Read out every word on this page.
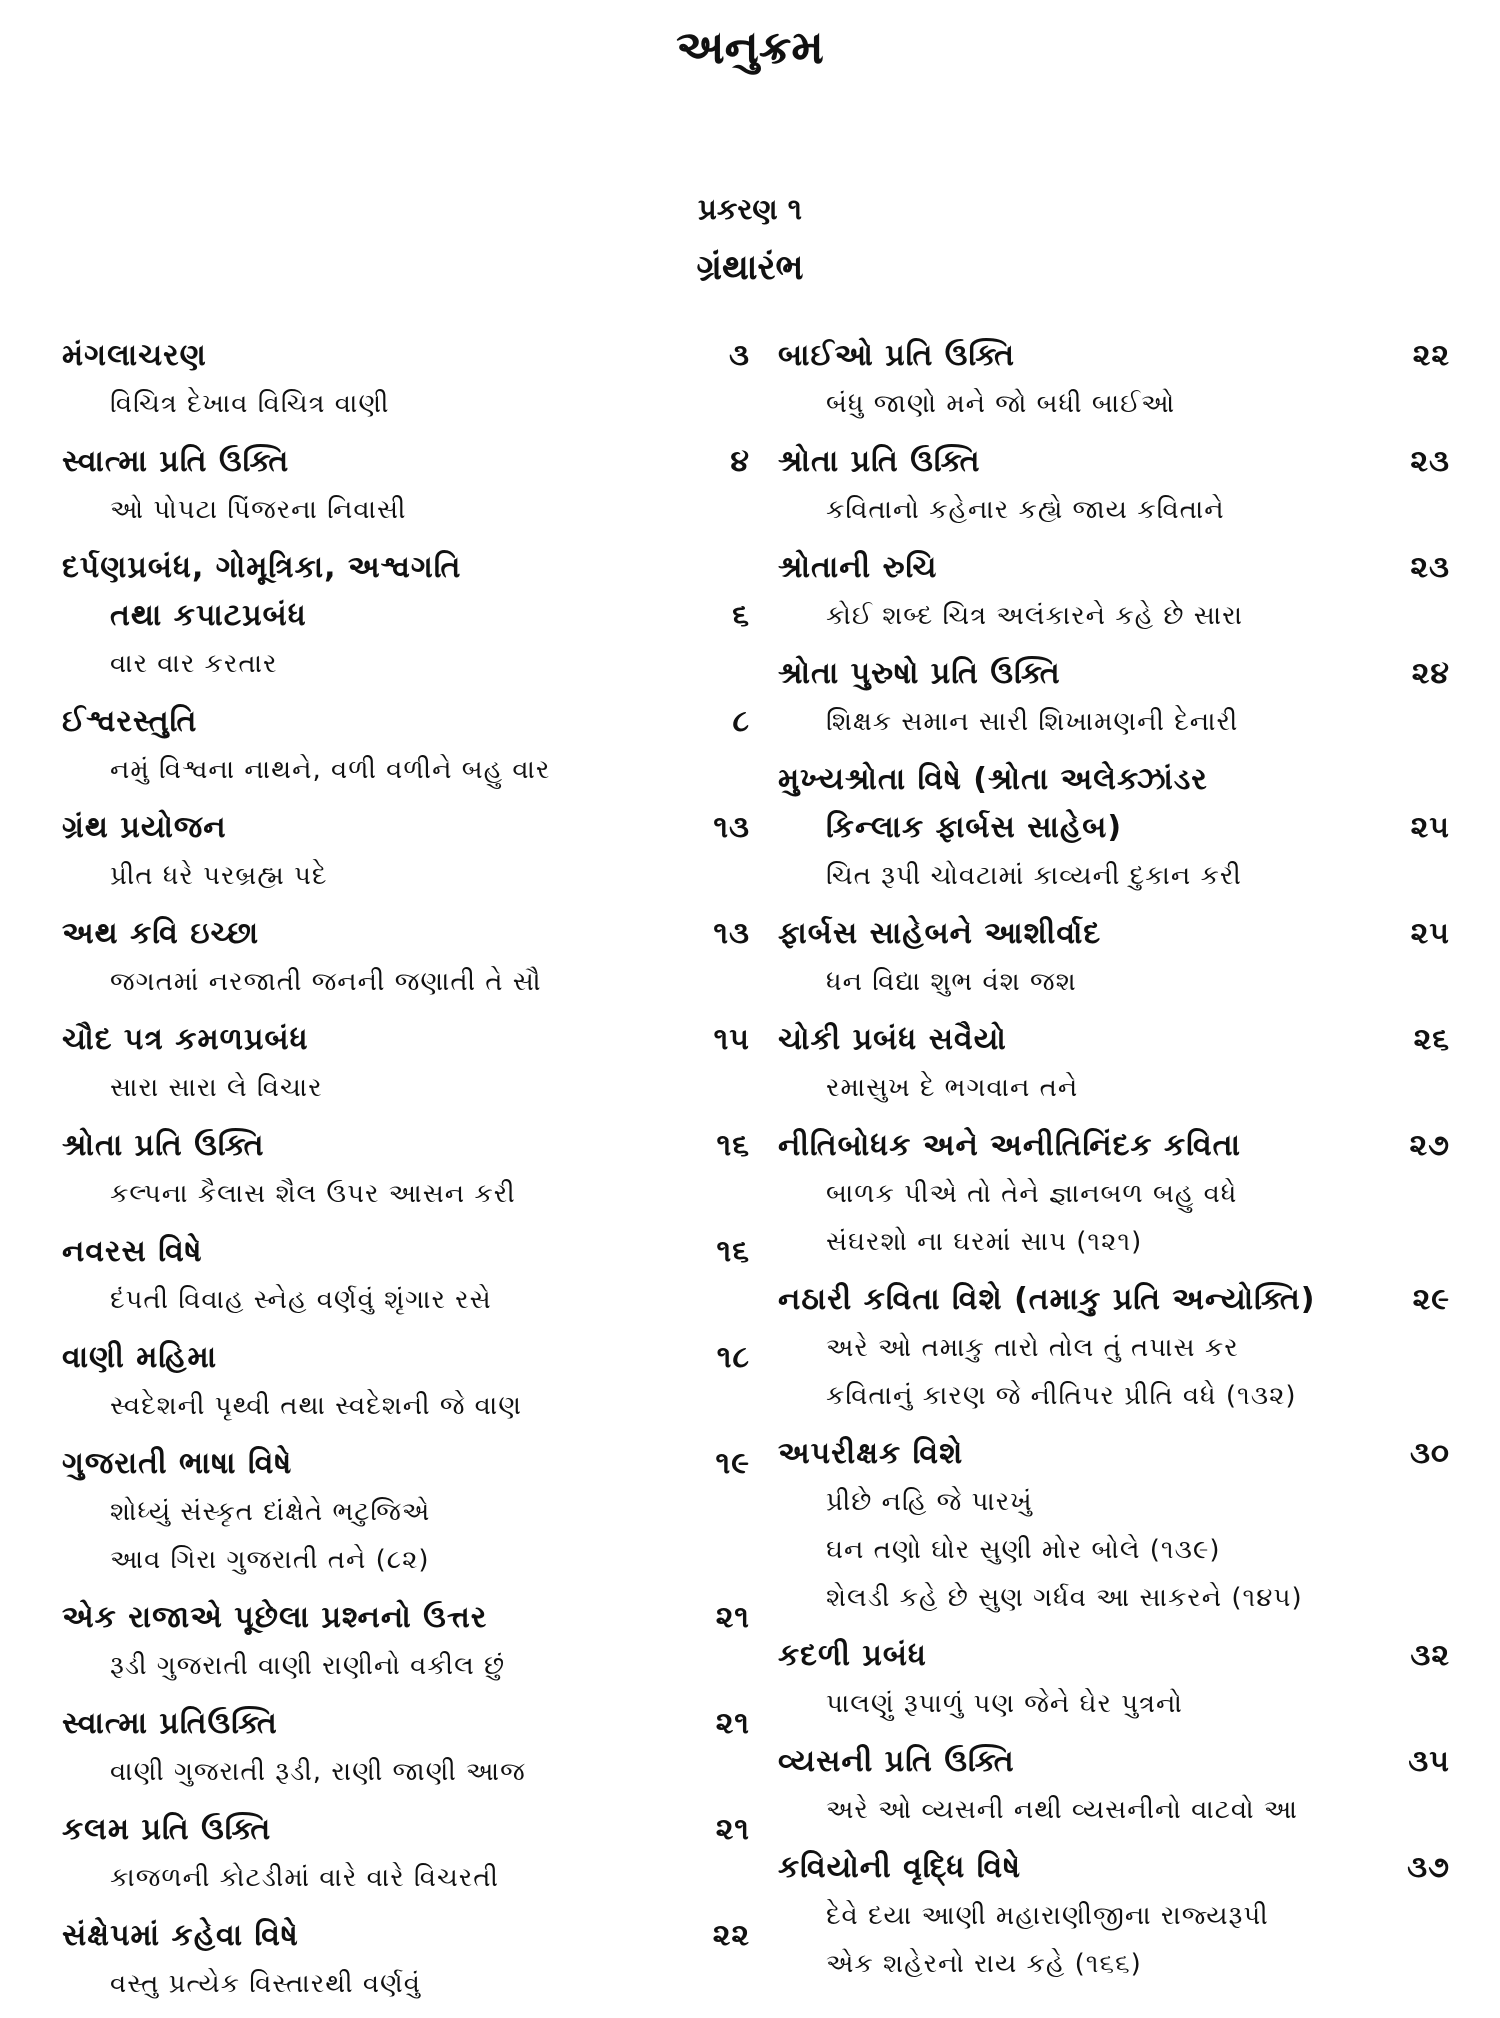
અનુક્રમ
પ્રકરણ ૧
ગ્રંથારંભ
મંગલાચરણ	૩
વિચિત્ર દેખાવ વિચિત્ર વાણી
સ્વાત્મા પ્રતિ ઉક્તિ	૪
ઓ પોપટા પિંજરના નિવાસી
દર્પણપ્રબંધ, ગોમૂત્રિકા, અશ્વગતિ
તથા કપાટપ્રબંધ	૬
વાર વાર કરતાર
ઈશ્વરસ્તુતિ	૮
નમું વિશ્વના નાથને, વળી વળીને બહુ વાર
ગ્રંથ પ્રયોજન	૧૩
પ્રીત ધરે પરબ્રહ્મ પદે
અથ કવિ ઇચ્છા	૧૩
જગતમાં નરજાતી જનની જણાતી તે સૌ
ચૌદ પત્ર કમળપ્રબંધ	૧૫
સારા સારા લે વિચાર
શ્રોતા પ્રતિ ઉક્તિ	૧૬
કલ્પના કૈલાસ શૈલ ઉપર આસન કરી
નવરસ વિષે	૧૬
દંપતી વિવાહ સ્નેહ વર્ણવું શૃંગાર રસે
વાણી મહિમા	૧૮
સ્વદેશની પૃથ્વી તથા સ્વદેશની જે વાણ
ગુજરાતી ભાષા વિષે	૧૯
શોધ્યું સંસ્કૃત દાંક્ષેતે ભટુજિએ
આવ ગિરા ગુજરાતી તને (૮૨)
એક રાજાએ પૂછેલા પ્રશ્નનો ઉત્તર	૨૧
રૂડી ગુજરાતી વાણી રાણીનો વકીલ છું
સ્વાત્મા પ્રતિઉક્તિ	૨૧
વાણી ગુજરાતી રૂડી, રાણી જાણી આજ
કલમ પ્રતિ ઉક્તિ	૨૧
કાજળની કોટડીમાં વારે વારે વિચરતી
સંક્ષેપમાં કહેવા વિષે	૨૨
વસ્તુ પ્રત્યેક વિસ્તારથી વર્ણવું
બાઈઓ પ્રતિ ઉક્તિ	૨૨
બંધુ જાણો મને જો બધી બાઈઓ
શ્રોતા પ્રતિ ઉક્તિ	૨૩
કવિતાનો કહેનાર કહ્યે જાય કવિતાને
શ્રોતાની રુચિ	૨૩
કોઈ શબ્દ ચિત્ર અલંકારને કહે છે સારા
શ્રોતા પુરુષો પ્રતિ ઉક્તિ	૨૪
શિક્ષક સમાન સારી શિખામણની દેનારી
મુખ્યશ્રોતા વિષે (શ્રોતા અલેક્ઝાંડર
કિન્લાક ફાર્બસ સાહેબ)	૨૫
ચિત રૂપી ચોવટામાં કાવ્યની દુકાન કરી
ફાર્બસ સાહેબને આશીર્વાદ	૨૫
ધન વિદ્યા શુભ વંશ જશ
ચોકી પ્રબંધ સવૈયો	૨૬
રમાસુખ દે ભગવાન તને
નીતિબોધક અને અનીતિનિંદક કવિતા	૨૭
બાળક પીએ તો તેને જ્ઞાનબળ બહુ વધે
સંઘરશો ના ઘરમાં સાપ (૧૨૧)
નઠારી કવિતા વિશે (તમાકુ પ્રતિ અન્યોક્તિ)	૨૯
અરે ઓ તમાકુ તારો તોલ તું તપાસ કર
કવિતાનું કારણ જે નીતિપર પ્રીતિ વધે (૧૩૨)
અપરીક્ષક વિશે	૩૦
પ્રીછે નહિ જે પારખું
ઘન તણો ઘોર સુણી મોર બોલે (૧૩૯)
શેલડી કહે છે સુણ ગર્ધવ આ સાકરને (૧૪૫)
કદળી પ્રબંધ	૩૨
પાલણું રૂપાળું પણ જેને ઘેર પુત્રનો
વ્યસની પ્રતિ ઉક્તિ	૩૫
અરે ઓ વ્યસની નથી વ્યસનીનો વાટવો આ
કવિયોની વૃદ્ધિ વિષે	૩૭
દેવે દયા આણી મહારાણીજીના રાજ્યરૂપી
એક શહેરનો રાય કહે (૧૬૬)
